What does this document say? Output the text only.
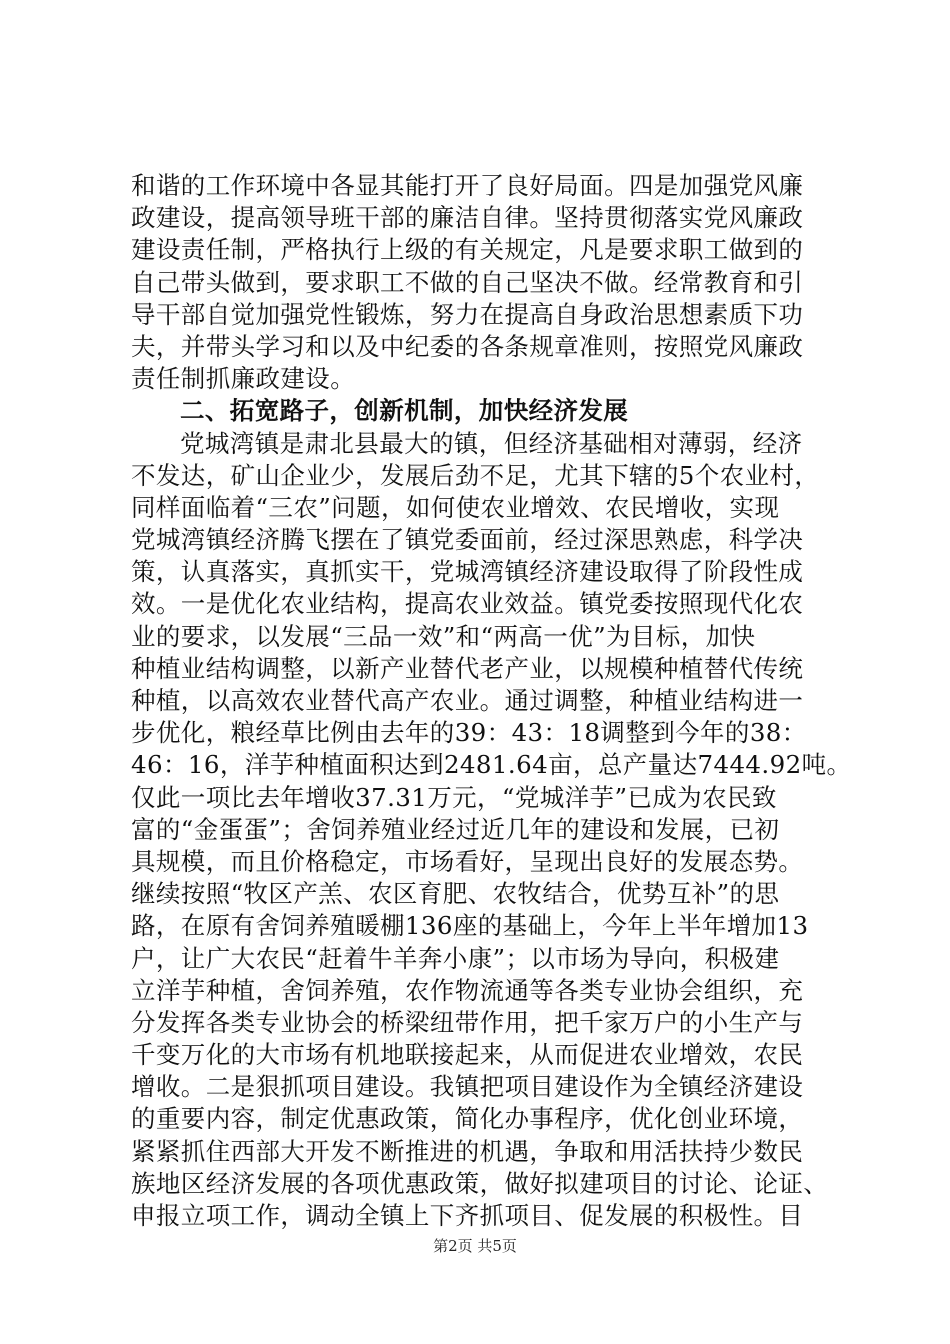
和谐的工作环境中各显其能打开了良好局面。四是加强党风廉
政建设，提高领导班干部的廉洁自律。坚持贯彻落实党风廉政
建设责任制，严格执行上级的有关规定，凡是要求职工做到的
自己带头做到，要求职工不做的自己坚决不做。经常教育和引
导干部自觉加强党性锻炼，努力在提高自身政治思想素质下功
夫，并带头学习和以及中纪委的各条规章准则，按照党风廉政
责任制抓廉政建设。
二、拓宽路子，创新机制，加快经济发展
党城湾镇是肃北县最大的镇，但经济基础相对薄弱，经济
不发达，矿山企业少，发展后劲不足，尤其下辖的5个农业村，
同样面临着“三农”问题，如何使农业增效、农民增收，实现
党城湾镇经济腾飞摆在了镇党委面前，经过深思熟虑，科学决
策，认真落实，真抓实干，党城湾镇经济建设取得了阶段性成
效。一是优化农业结构，提高农业效益。镇党委按照现代化农
业的要求，以发展“三品一效”和“两高一优”为目标，加快
种植业结构调整，以新产业替代老产业，以规模种植替代传统
种植，以高效农业替代高产农业。通过调整，种植业结构进一
步优化，粮经草比例由去年的39：43：18调整到今年的38：
46：16，洋芋种植面积达到2481.64亩，总产量达7444.92吨。
仅此一项比去年增收37.31万元，“党城洋芋”已成为农民致
富的“金蛋蛋”；舍饲养殖业经过近几年的建设和发展，已初
具规模，而且价格稳定，市场看好，呈现出良好的发展态势。
继续按照“牧区产羔、农区育肥、农牧结合，优势互补”的思
路，在原有舍饲养殖暖棚136座的基础上，今年上半年增加13
户，让广大农民“赶着牛羊奔小康”；以市场为导向，积极建
立洋芋种植，舍饲养殖，农作物流通等各类专业协会组织，充
分发挥各类专业协会的桥梁纽带作用，把千家万户的小生产与
千变万化的大市场有机地联接起来，从而促进农业增效，农民
增收。二是狠抓项目建设。我镇把项目建设作为全镇经济建设
的重要内容，制定优惠政策，简化办事程序，优化创业环境，
紧紧抓住西部大开发不断推进的机遇，争取和用活扶持少数民
族地区经济发展的各项优惠政策，做好拟建项目的讨论、论证、
申报立项工作，调动全镇上下齐抓项目、促发展的积极性。目
第2页 共5页
